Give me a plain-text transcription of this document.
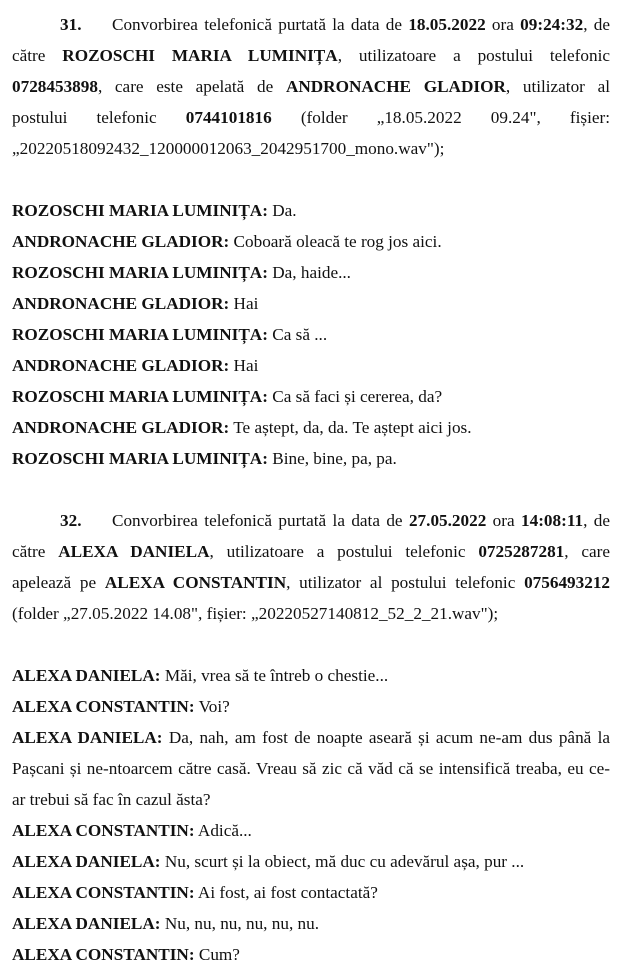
31. Convorbirea telefonică purtată la data de 18.05.2022 ora 09:24:32, de
către ROZOSCHI MARIA LUMINIȚA, utilizatoare a postului telefonic
0728453898, care este apelată de ANDRONACHE GLADIOR, utilizator al
postului telefonic 0744101816 (folder „18.05.2022 09.24", fișier:
„20220518092432_120000012063_2042951700_mono.wav");
ROZOSCHI MARIA LUMINIȚA: Da.
ANDRONACHE GLADIOR: Coboară oleacă te rog jos aici.
ROZOSCHI MARIA LUMINIȚA: Da, haide...
ANDRONACHE GLADIOR: Hai
ROZOSCHI MARIA LUMINIȚA: Ca să ...
ANDRONACHE GLADIOR: Hai
ROZOSCHI MARIA LUMINIȚA: Ca să faci și cererea, da?
ANDRONACHE GLADIOR: Te aștept, da, da. Te aștept aici jos.
ROZOSCHI MARIA LUMINIȚA: Bine, bine, pa, pa.
32. Convorbirea telefonică purtată la data de 27.05.2022 ora 14:08:11, de
către ALEXA DANIELA, utilizatoare a postului telefonic 0725287281, care
apelează pe ALEXA CONSTANTIN, utilizator al postului telefonic 0756493212
(folder „27.05.2022 14.08", fișier: „20220527140812_52_2_21.wav");
ALEXA DANIELA: Măi, vrea să te întreb o chestie...
ALEXA CONSTANTIN: Voi?
ALEXA DANIELA: Da, nah, am fost de noapte aseară și acum ne-am dus până la
Pașcani și ne-ntoarcem către casă. Vreau să zic că văd că se intensifică treaba, eu ce-
ar trebui să fac în cazul ăsta?
ALEXA CONSTANTIN: Adică...
ALEXA DANIELA: Nu, scurt și la obiect, mă duc cu adevărul așa, pur ...
ALEXA CONSTANTIN: Ai fost, ai fost contactată?
ALEXA DANIELA: Nu, nu, nu, nu, nu, nu.
ALEXA CONSTANTIN: Cum?
